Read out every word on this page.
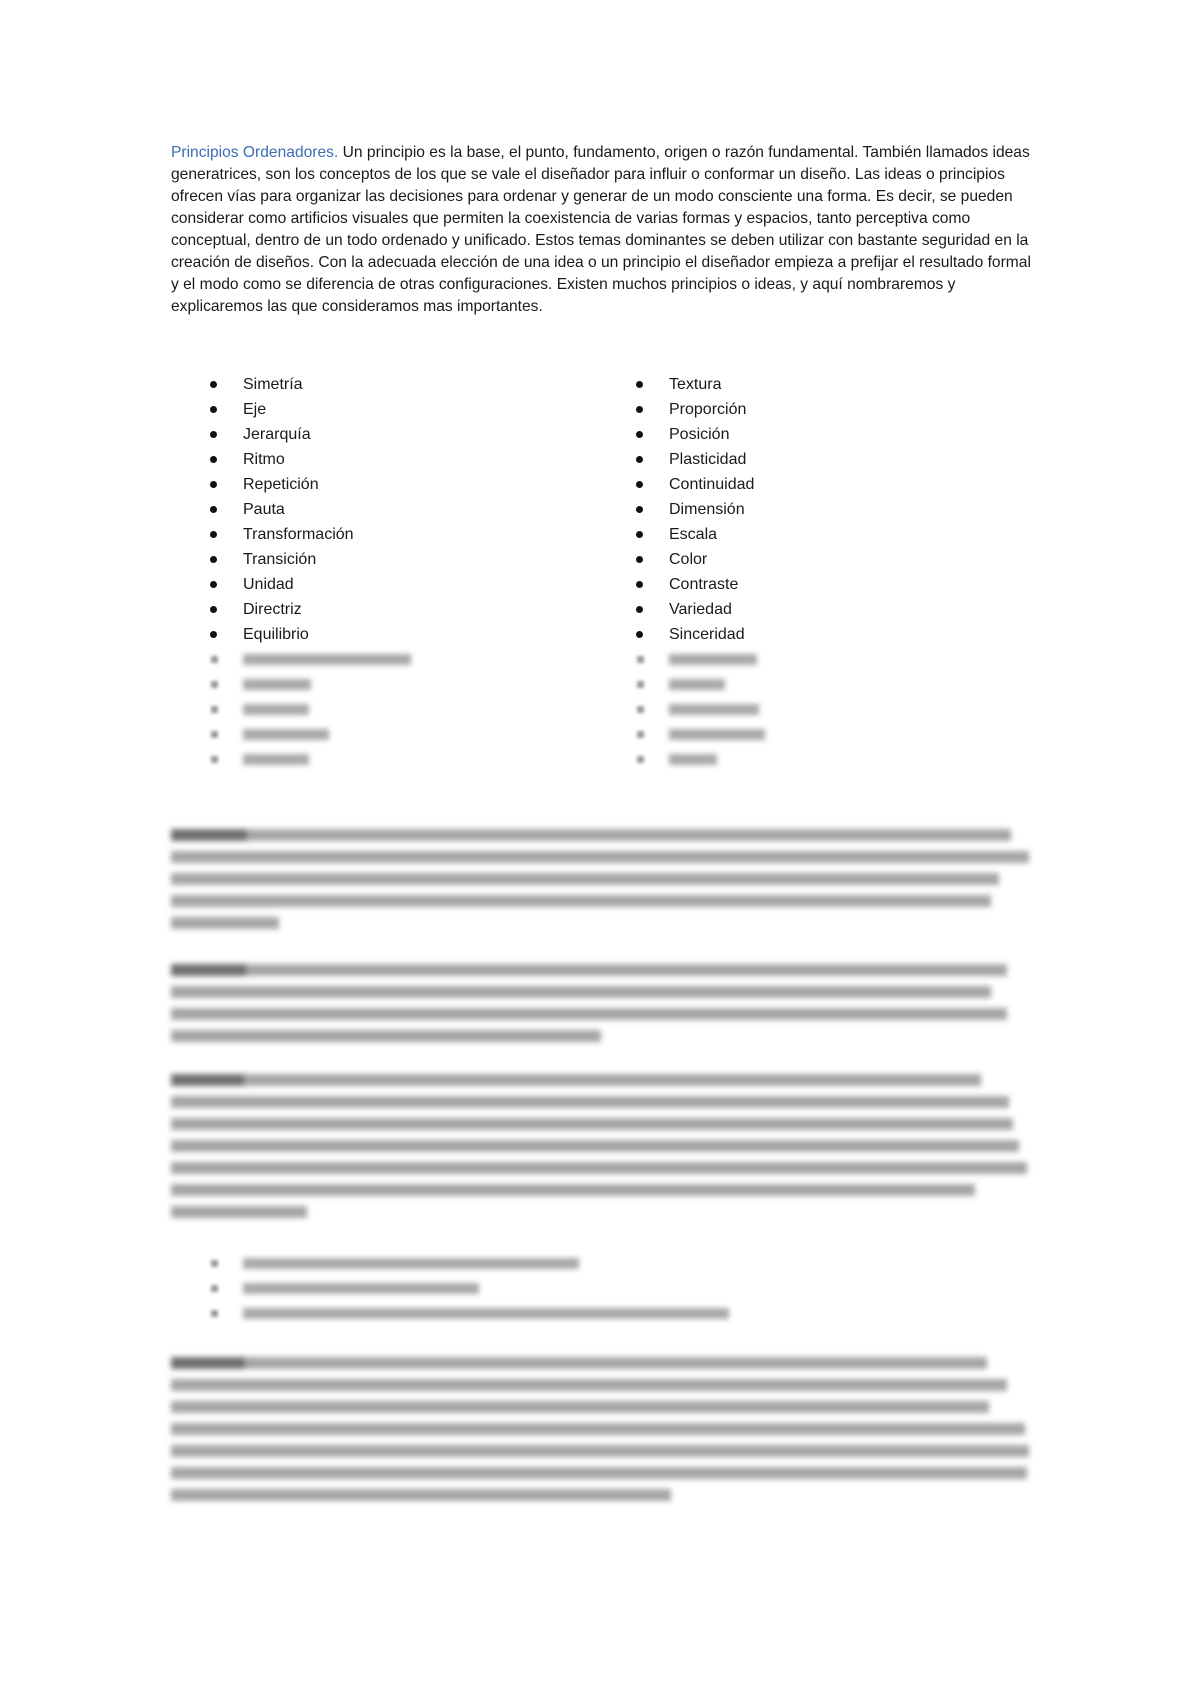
Principios Ordenadores. Un principio es la base, el punto, fundamento, origen o razón fundamental. También llamados ideas generatrices, son los conceptos de los que se vale el diseñador para influir o conformar un diseño. Las ideas o principios ofrecen vías para organizar las decisiones para ordenar y generar de un modo consciente una forma. Es decir, se pueden considerar como artificios visuales que permiten la coexistencia de varias formas y espacios, tanto perceptiva como conceptual, dentro de un todo ordenado y unificado. Estos temas dominantes se deben utilizar con bastante seguridad en la creación de diseños. Con la adecuada elección de una idea o un principio el diseñador empieza a prefijar el resultado formal y el modo como se diferencia de otras configuraciones. Existen muchos principios o ideas, y aquí nombraremos y explicaremos las que consideramos mas importantes.

Simetría
Eje
Jerarquía
Ritmo
Repetición
Pauta
Transformación
Transición
Unidad
Directriz
Equilibrio
Textura
Proporción
Posición
Plasticidad
Continuidad
Dimensión
Escala
Color
Contraste
Variedad
Sinceridad
